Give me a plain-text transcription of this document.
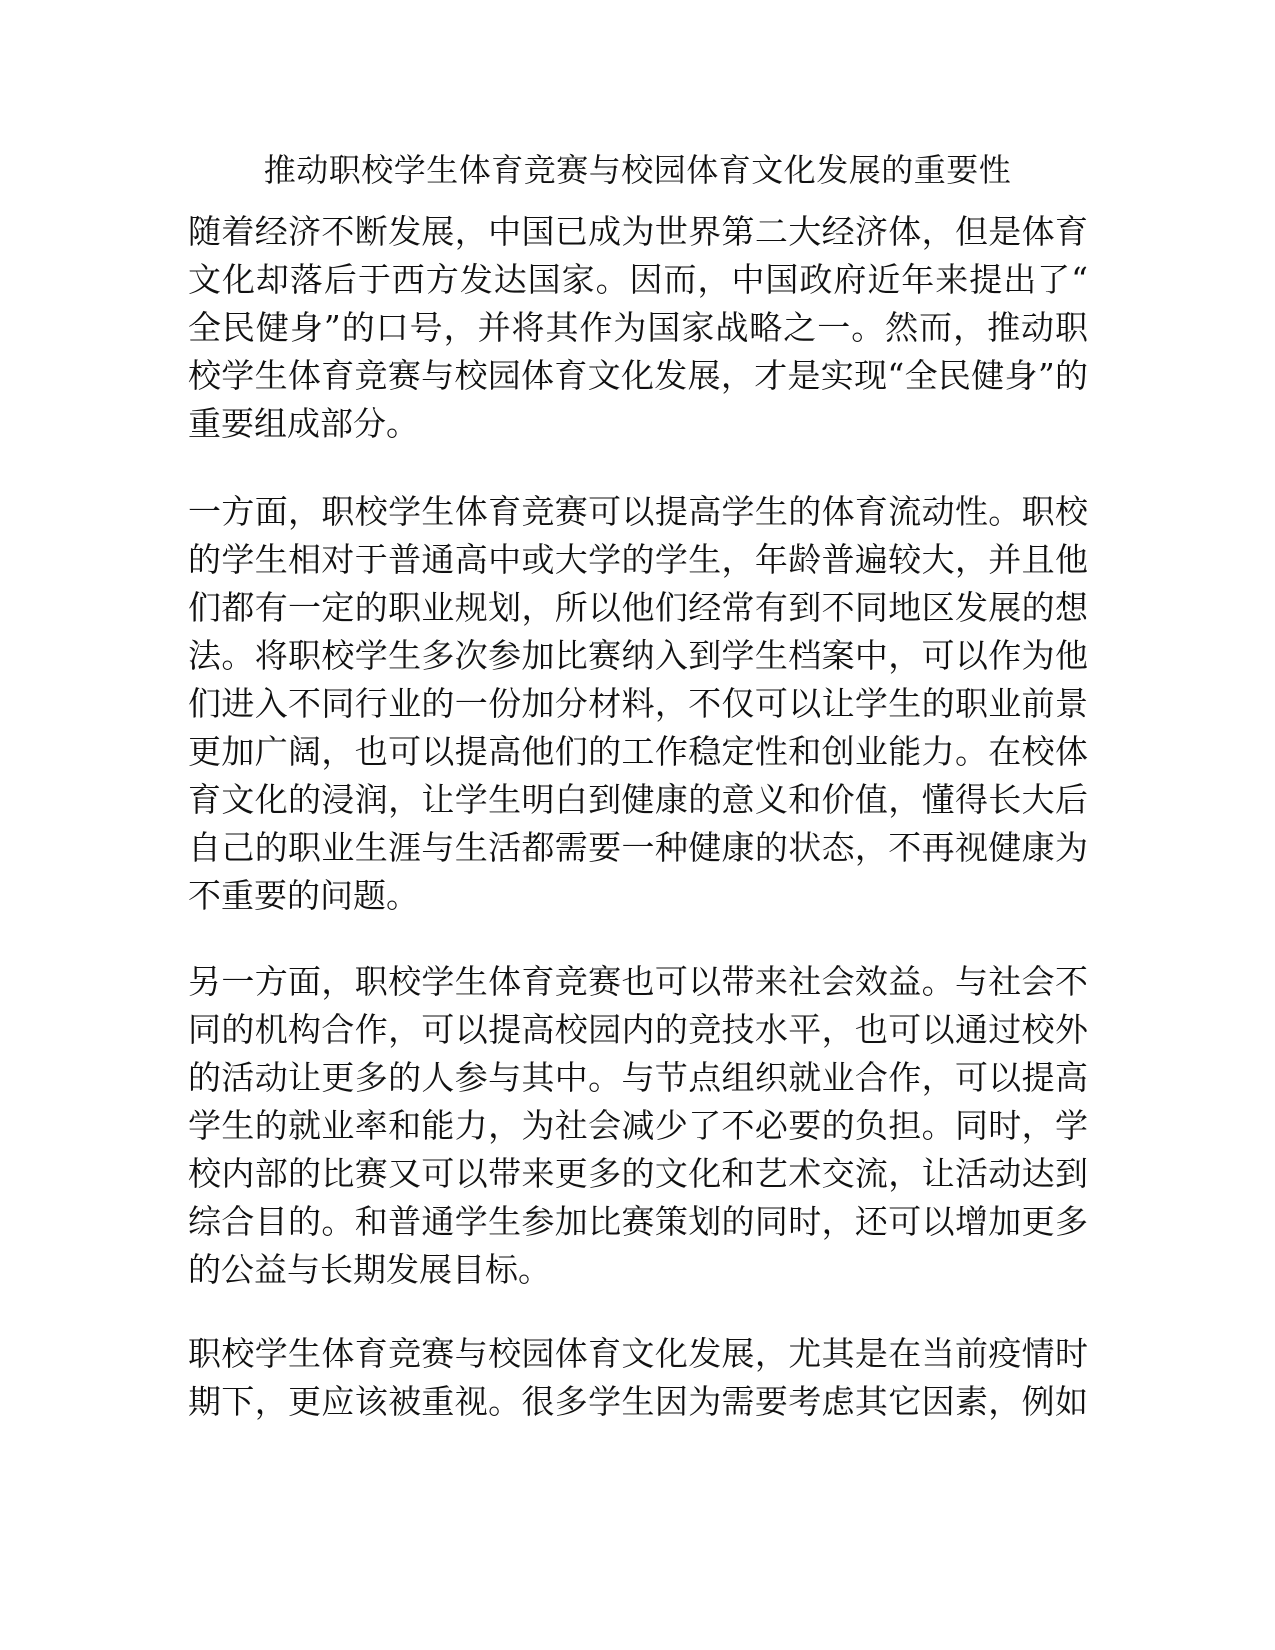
推动职校学生体育竞赛与校园体育文化发展的重要性
随着经济不断发展，中国已成为世界第二大经济体，但是体育
文化却落后于西方发达国家。因而，中国政府近年来提出了“
全民健身”的口号，并将其作为国家战略之一。然而，推动职
校学生体育竞赛与校园体育文化发展，才是实现“全民健身”的
重要组成部分。
一方面，职校学生体育竞赛可以提高学生的体育流动性。职校
的学生相对于普通高中或大学的学生，年龄普遍较大，并且他
们都有一定的职业规划，所以他们经常有到不同地区发展的想
法。将职校学生多次参加比赛纳入到学生档案中，可以作为他
们进入不同行业的一份加分材料，不仅可以让学生的职业前景
更加广阔，也可以提高他们的工作稳定性和创业能力。在校体
育文化的浸润，让学生明白到健康的意义和价值，懂得长大后
自己的职业生涯与生活都需要一种健康的状态，不再视健康为
不重要的问题。
另一方面，职校学生体育竞赛也可以带来社会效益。与社会不
同的机构合作，可以提高校园内的竞技水平，也可以通过校外
的活动让更多的人参与其中。与节点组织就业合作，可以提高
学生的就业率和能力，为社会减少了不必要的负担。同时，学
校内部的比赛又可以带来更多的文化和艺术交流，让活动达到
综合目的。和普通学生参加比赛策划的同时，还可以增加更多
的公益与长期发展目标。
职校学生体育竞赛与校园体育文化发展，尤其是在当前疫情时
期下，更应该被重视。很多学生因为需要考虑其它因素，例如
